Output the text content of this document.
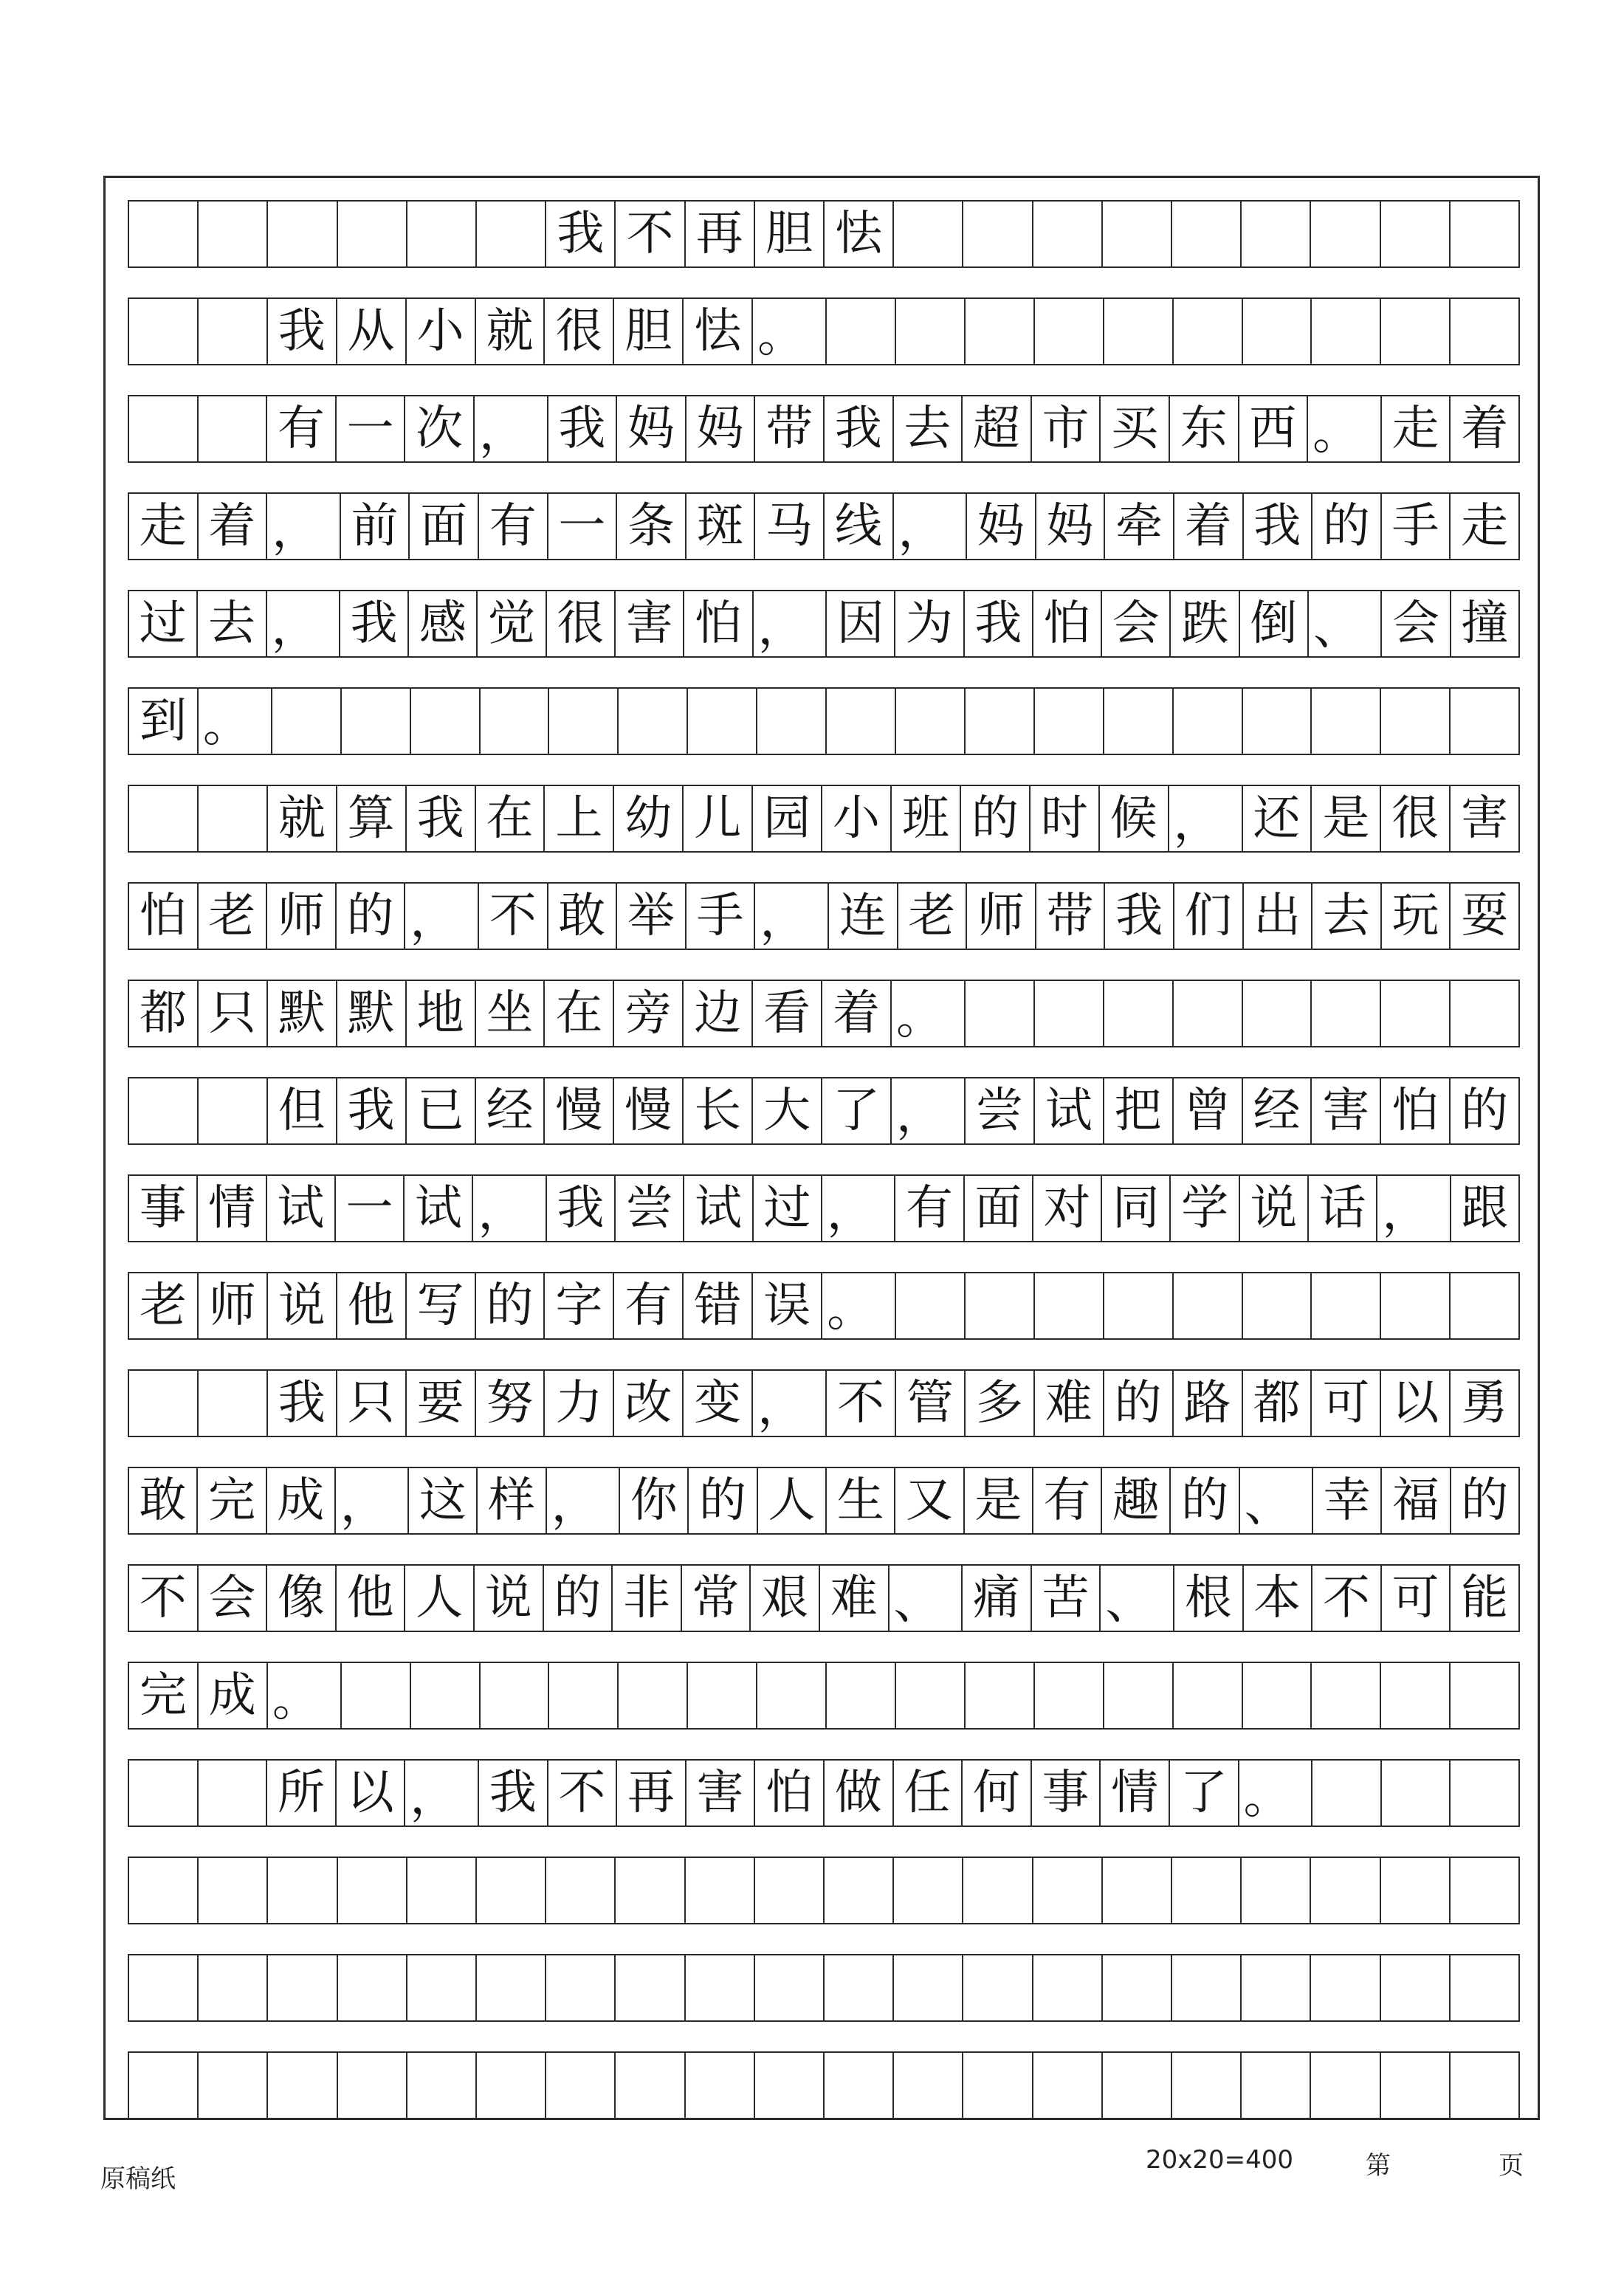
我 不 再 胆 怯
我 从 小 就 很 胆 怯 。
有 一 次 ， 我 妈 妈 带 我 去 超 市 买 东 西 。 走 着
走 着 ， 前 面 有 一 条 斑 马 线 ， 妈 妈 牵 着 我 的 手 走
过 去 ， 我 感 觉 很 害 怕 ， 因 为 我 怕 会 跌 倒 、 会 撞
到 。
就 算 我 在 上 幼 儿 园 小 班 的 时 候 ， 还 是 很 害
怕 老 师 的 ， 不 敢 举 手 ， 连 老 师 带 我 们 出 去 玩 耍
都 只 默 默 地 坐 在 旁 边 看 着 。
但 我 已 经 慢 慢 长 大 了 ， 尝 试 把 曾 经 害 怕 的
事 情 试 一 试 ， 我 尝 试 过 ， 有 面 对 同 学 说 话 ， 跟
老 师 说 他 写 的 字 有 错 误 。
我 只 要 努 力 改 变 ， 不 管 多 难 的 路 都 可 以 勇
敢 完 成 ， 这 样 ， 你 的 人 生 又 是 有 趣 的 、 幸 福 的
不 会 像 他 人 说 的 非 常 艰 难 、 痛 苦 、 根 本 不 可 能
完 成 。
所 以 ， 我 不 再 害 怕 做 任 何 事 情 了 。
原稿纸
20x20=400	第	页
